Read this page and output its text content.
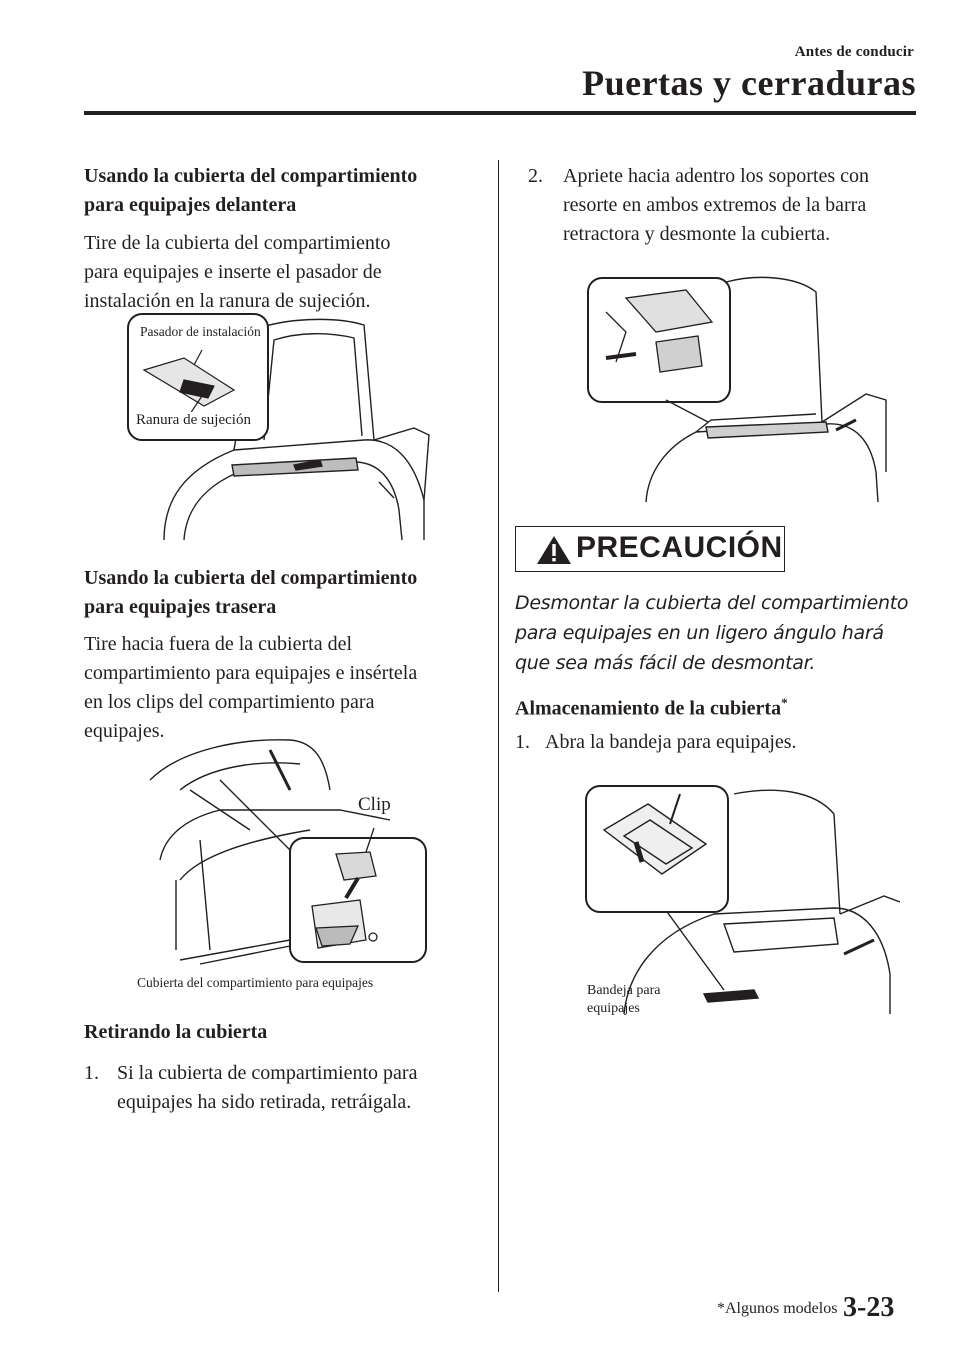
Antes de conducir
Puertas y cerraduras
Usando la cubierta del compartimiento
para equipajes delantera
Tire de la cubierta del compartimiento
para equipajes e inserte el pasador de
instalación en la ranura de sujeción.
Pasador de instalación
Ranura de sujeción
Usando la cubierta del compartimiento
para equipajes trasera
Tire hacia fuera de la cubierta del
compartimiento para equipajes e insértela
en los clips del compartimiento para
equipajes.
Clip
Cubierta del compartimiento para equipajes
Retirando la cubierta
1. Si la cubierta de compartimiento para
equipajes ha sido retirada, retráigala.
2. Apriete hacia adentro los soportes con
resorte en ambos extremos de la barra
retractora y desmonte la cubierta.
PRECAUCIÓN
Desmontar la cubierta del compartimiento
para equipajes en un ligero ángulo hará
que sea más fácil de desmontar.
Almacenamiento de la cubierta*
1. Abra la bandeja para equipajes.
Bandeja para
equipajes
*Algunos modelos 3-23
